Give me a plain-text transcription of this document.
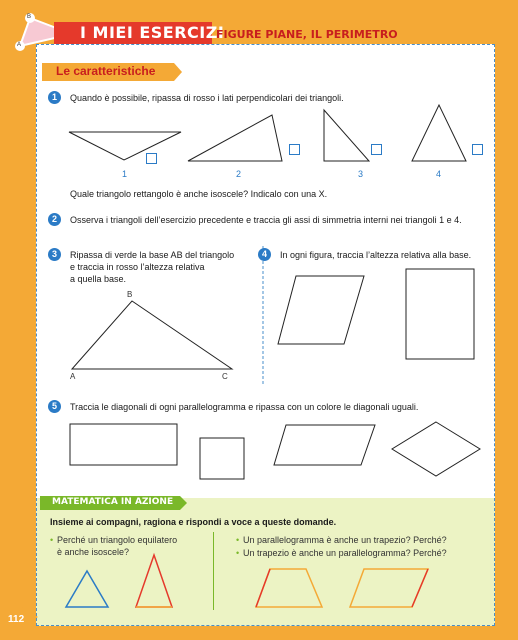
B
A
I MIEI ESERCIZI
FIGURE PIANE, IL PERIMETRO
Le caratteristiche
1	Quando è possibile, ripassa di rosso i lati perpendicolari dei triangoli.
1	2	3	4
Quale triangolo rettangolo è anche isoscele? Indicalo con una X.
2	Osserva i triangoli dell’esercizio precedente e traccia gli assi di simmetria interni nei triangoli 1 e 4.
3	Ripassa di verde la base AB del triangolo
e traccia in rosso l’altezza relativa
a quella base.
A
B
C
4	In ogni figura, traccia l’altezza relativa alla base.
5	Traccia le diagonali di ogni parallelogramma e ripassa con un colore le diagonali uguali.
MATEMATICA IN AZIONE
Insieme ai compagni, ragiona e rispondi a voce a queste domande.
• Perché un triangolo equilatero
è anche isoscele?
• Un parallelogramma è anche un trapezio? Perché?
• Un trapezio è anche un parallelogramma? Perché?
112
